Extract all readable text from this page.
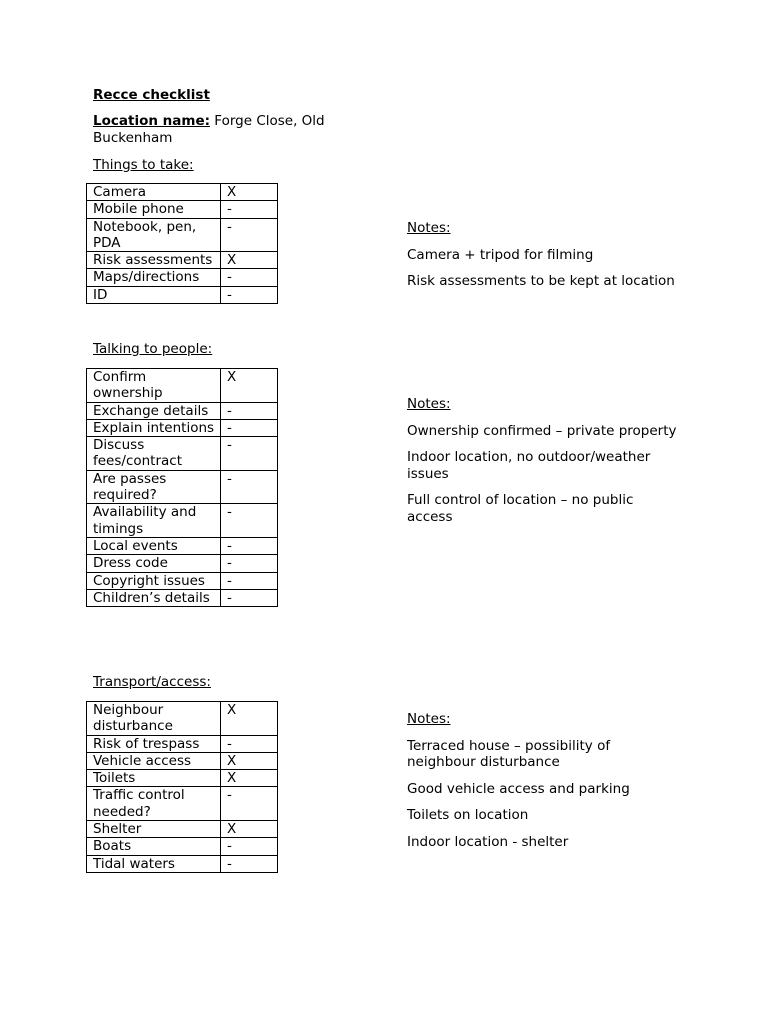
Recce checklist
Location name: Forge Close, Old Buckenham
Things to take:
Camera	X
Mobile phone	-
Notebook, pen, PDA	-
Risk assessments	X
Maps/directions	-
ID	-

Notes:

Camera + tripod for filming

Risk assessments to be kept at location

Talking to people:
Confirm ownership	X
Exchange details	-
Explain intentions	-
Discuss fees/contract	-
Are passes required?	-
Availability and timings	-
Local events	-
Dress code	-
Copyright issues	-
Children’s details	-

Notes:

Ownership confirmed – private property

Indoor location, no outdoor/weather issues

Full control of location – no public access

Transport/access:
Neighbour disturbance	X
Risk of trespass	-
Vehicle access	X
Toilets	X
Traffic control needed?	-
Shelter	X
Boats	-
Tidal waters	-

Notes:

Terraced house – possibility of neighbour disturbance

Good vehicle access and parking

Toilets on location

Indoor location - shelter
